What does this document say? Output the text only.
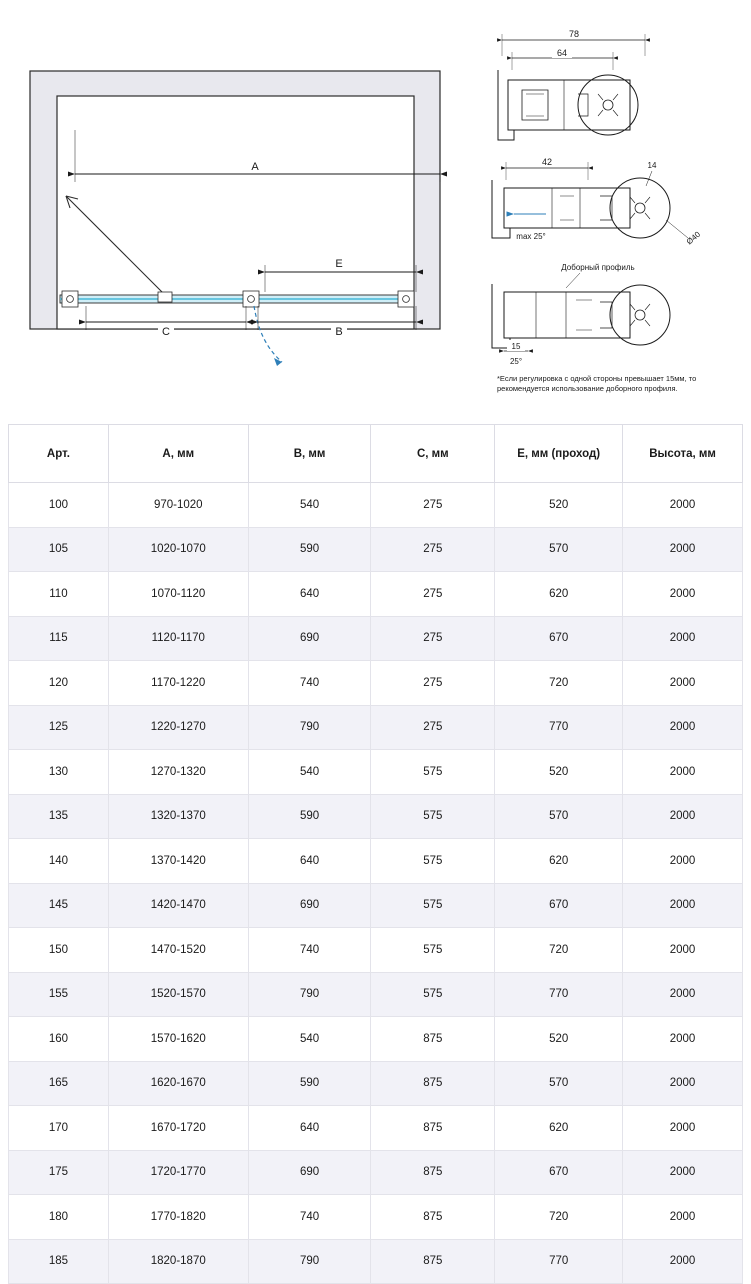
A
E
C	B
78
64
42	14
Ø40
max 25°
Доборный профиль
15
25°
*Если регулировка с одной стороны превышает 15мм, то рекомендуется использование доборного профиля.
Арт.	A, мм	B, мм	C, мм	E, мм (проход)	Высота, мм
100	970-1020	540	275	520	2000
105	1020-1070	590	275	570	2000
110	1070-1120	640	275	620	2000
115	1120-1170	690	275	670	2000
120	1170-1220	740	275	720	2000
125	1220-1270	790	275	770	2000
130	1270-1320	540	575	520	2000
135	1320-1370	590	575	570	2000
140	1370-1420	640	575	620	2000
145	1420-1470	690	575	670	2000
150	1470-1520	740	575	720	2000
155	1520-1570	790	575	770	2000
160	1570-1620	540	875	520	2000
165	1620-1670	590	875	570	2000
170	1670-1720	640	875	620	2000
175	1720-1770	690	875	670	2000
180	1770-1820	740	875	720	2000
185	1820-1870	790	875	770	2000
